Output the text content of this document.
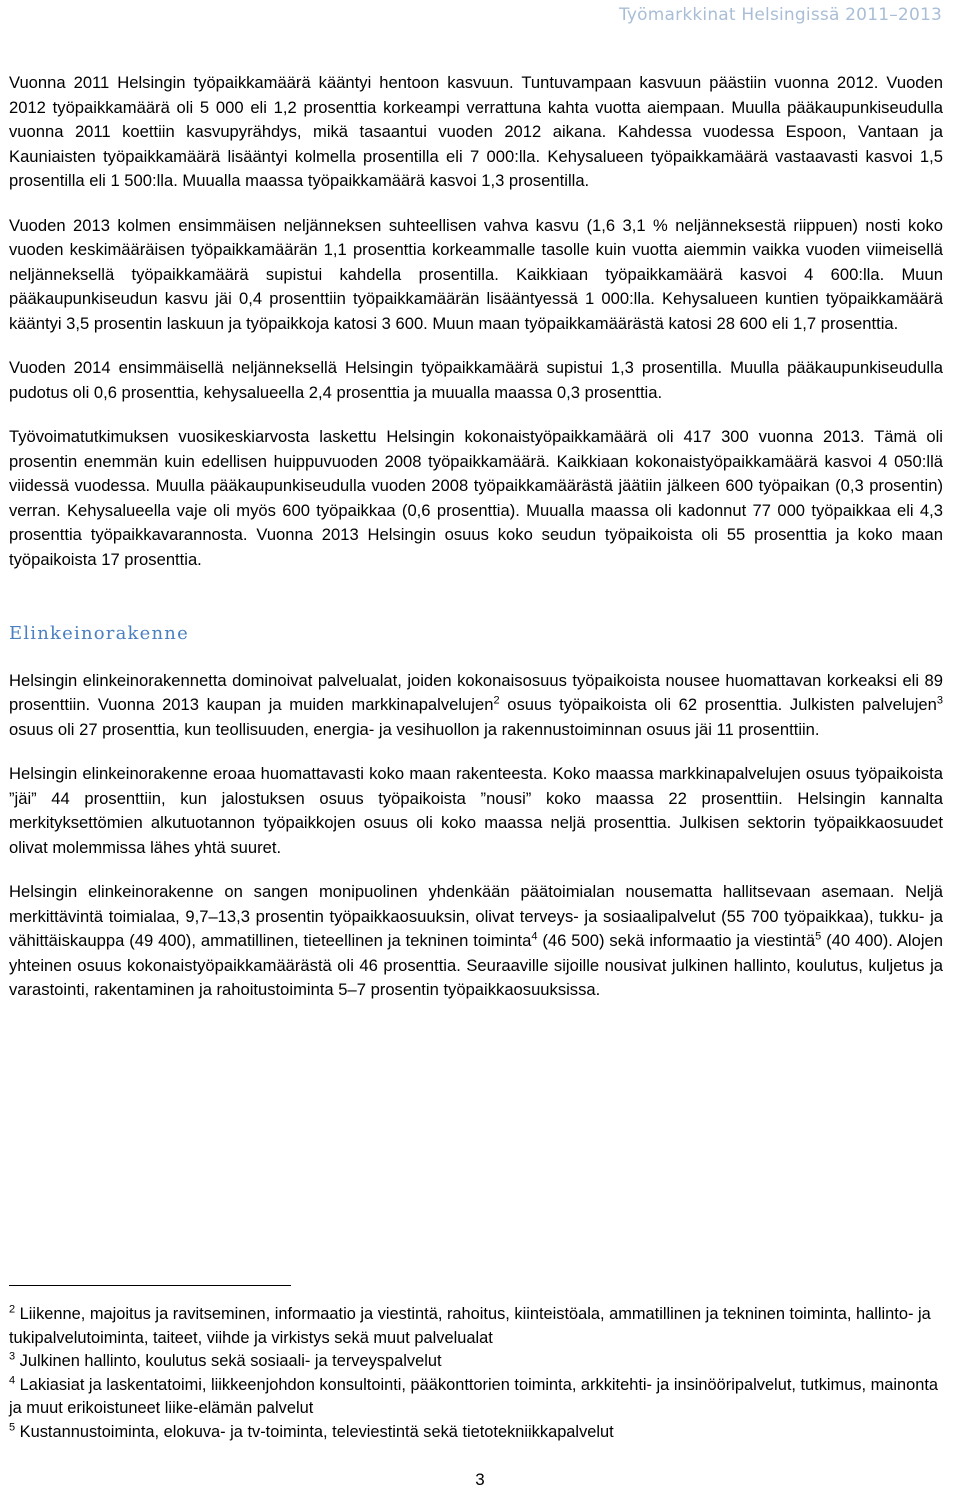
Työmarkkinat Helsingissä 2011–2013

Vuonna 2011 Helsingin työpaikkamäärä kääntyi hentoon kasvuun. Tuntuvampaan kasvuun päästiin vuonna 2012. Vuoden 2012 työpaikkamäärä oli 5 000 eli 1,2 prosenttia korkeampi verrattuna kahta vuotta aiempaan. Muulla pääkaupunkiseudulla vuonna 2011 koettiin kasvupyrähdys, mikä tasaantui vuoden 2012 aikana. Kahdessa vuodessa Espoon, Vantaan ja Kauniaisten työpaikkamäärä lisääntyi kolmella prosentilla eli 7 000:lla. Kehysalueen työpaikkamäärä vastaavasti kasvoi 1,5 prosentilla eli 1 500:lla. Muualla maassa työpaikkamäärä kasvoi 1,3 prosentilla.

Vuoden 2013 kolmen ensimmäisen neljänneksen suhteellisen vahva kasvu (1,6 3,1 % neljänneksestä riippuen) nosti koko vuoden keskimääräisen työpaikkamäärän 1,1 prosenttia korkeammalle tasolle kuin vuotta aiemmin vaikka vuoden viimeisellä neljänneksellä työpaikkamäärä supistui kahdella prosentilla. Kaikkiaan työpaikkamäärä kasvoi 4 600:lla. Muun pääkaupunkiseudun kasvu jäi 0,4 prosenttiin työpaikkamäärän lisääntyessä 1 000:lla. Kehysalueen kuntien työpaikkamäärä kääntyi 3,5 prosentin laskuun ja työpaikkoja katosi 3 600. Muun maan työpaikkamäärästä katosi 28 600 eli 1,7 prosenttia.

Vuoden 2014 ensimmäisellä neljänneksellä Helsingin työpaikkamäärä supistui 1,3 prosentilla. Muulla pääkaupunkiseudulla pudotus oli 0,6 prosenttia, kehysalueella 2,4 prosenttia ja muualla maassa 0,3 prosenttia.

Työvoimatutkimuksen vuosikeskiarvosta laskettu Helsingin kokonaistyöpaikkamäärä oli 417 300 vuonna 2013. Tämä oli prosentin enemmän kuin edellisen huippuvuoden 2008 työpaikkamäärä. Kaikkiaan kokonaistyöpaikkamäärä kasvoi 4 050:llä viidessä vuodessa. Muulla pääkaupunkiseudulla vuoden 2008 työpaikkamäärästä jäätiin jälkeen 600 työpaikan (0,3 prosentin) verran. Kehysalueella vaje oli myös 600 työpaikkaa (0,6 prosenttia). Muualla maassa oli kadonnut 77 000 työpaikkaa eli 4,3 prosenttia työpaikkavarannosta. Vuonna 2013 Helsingin osuus koko seudun työpaikoista oli 55 prosenttia ja koko maan työpaikoista 17 prosenttia.

Elinkeinorakenne

Helsingin elinkeinorakennetta dominoivat palvelualat, joiden kokonaisosuus työpaikoista nousee huomattavan korkeaksi eli 89 prosenttiin. Vuonna 2013 kaupan ja muiden markkinapalvelujen$^2$ osuus työpaikoista oli 62 prosenttia. Julkisten palvelujen$^3$ osuus oli 27 prosenttia, kun teollisuuden, energia- ja vesihuollon ja rakennustoiminnan osuus jäi 11 prosenttiin.

Helsingin elinkeinorakenne eroaa huomattavasti koko maan rakenteesta. Koko maassa markkinapalvelujen osuus työpaikoista ”jäi” 44 prosenttiin, kun jalostuksen osuus työpaikoista ”nousi” koko maassa 22 prosenttiin. Helsingin kannalta merkityksettömien alkutuotannon työpaikkojen osuus oli koko maassa neljä prosenttia. Julkisen sektorin työpaikkaosuudet olivat molemmissa lähes yhtä suuret.

Helsingin elinkeinorakenne on sangen monipuolinen yhdenkään päätoimialan nousematta hallitsevaan asemaan. Neljä merkittävintä toimialaa, 9,7–13,3 prosentin työpaikkaosuuksin, olivat terveys- ja sosiaalipalvelut (55 700 työpaikkaa), tukku- ja vähittäiskauppa (49 400), ammatillinen, tieteellinen ja tekninen toiminta$^4$ (46 500) sekä informaatio ja viestintä$^5$ (40 400). Alojen yhteinen osuus kokonaistyöpaikkamäärästä oli 46 prosenttia. Seuraaville sijoille nousivat julkinen hallinto, koulutus, kuljetus ja varastointi, rakentaminen ja rahoitustoiminta 5–7 prosentin työpaikkaosuuksissa.

$^2$ Liikenne, majoitus ja ravitseminen, informaatio ja viestintä, rahoitus, kiinteistöala, ammatillinen ja tekninen toiminta, hallinto- ja tukipalvelutoiminta, taiteet, viihde ja virkistys sekä muut palvelualat

$^3$ Julkinen hallinto, koulutus sekä sosiaali- ja terveyspalvelut

$^4$ Lakiasiat ja laskentatoimi, liikkeenjohdon konsultointi, pääkonttorien toiminta, arkkitehti- ja insinööripalvelut, tutkimus, mainonta ja muut erikoistuneet liike-elämän palvelut

$^5$ Kustannustoiminta, elokuva- ja tv-toiminta, televiestintä sekä tietotekniikkapalvelut

3
